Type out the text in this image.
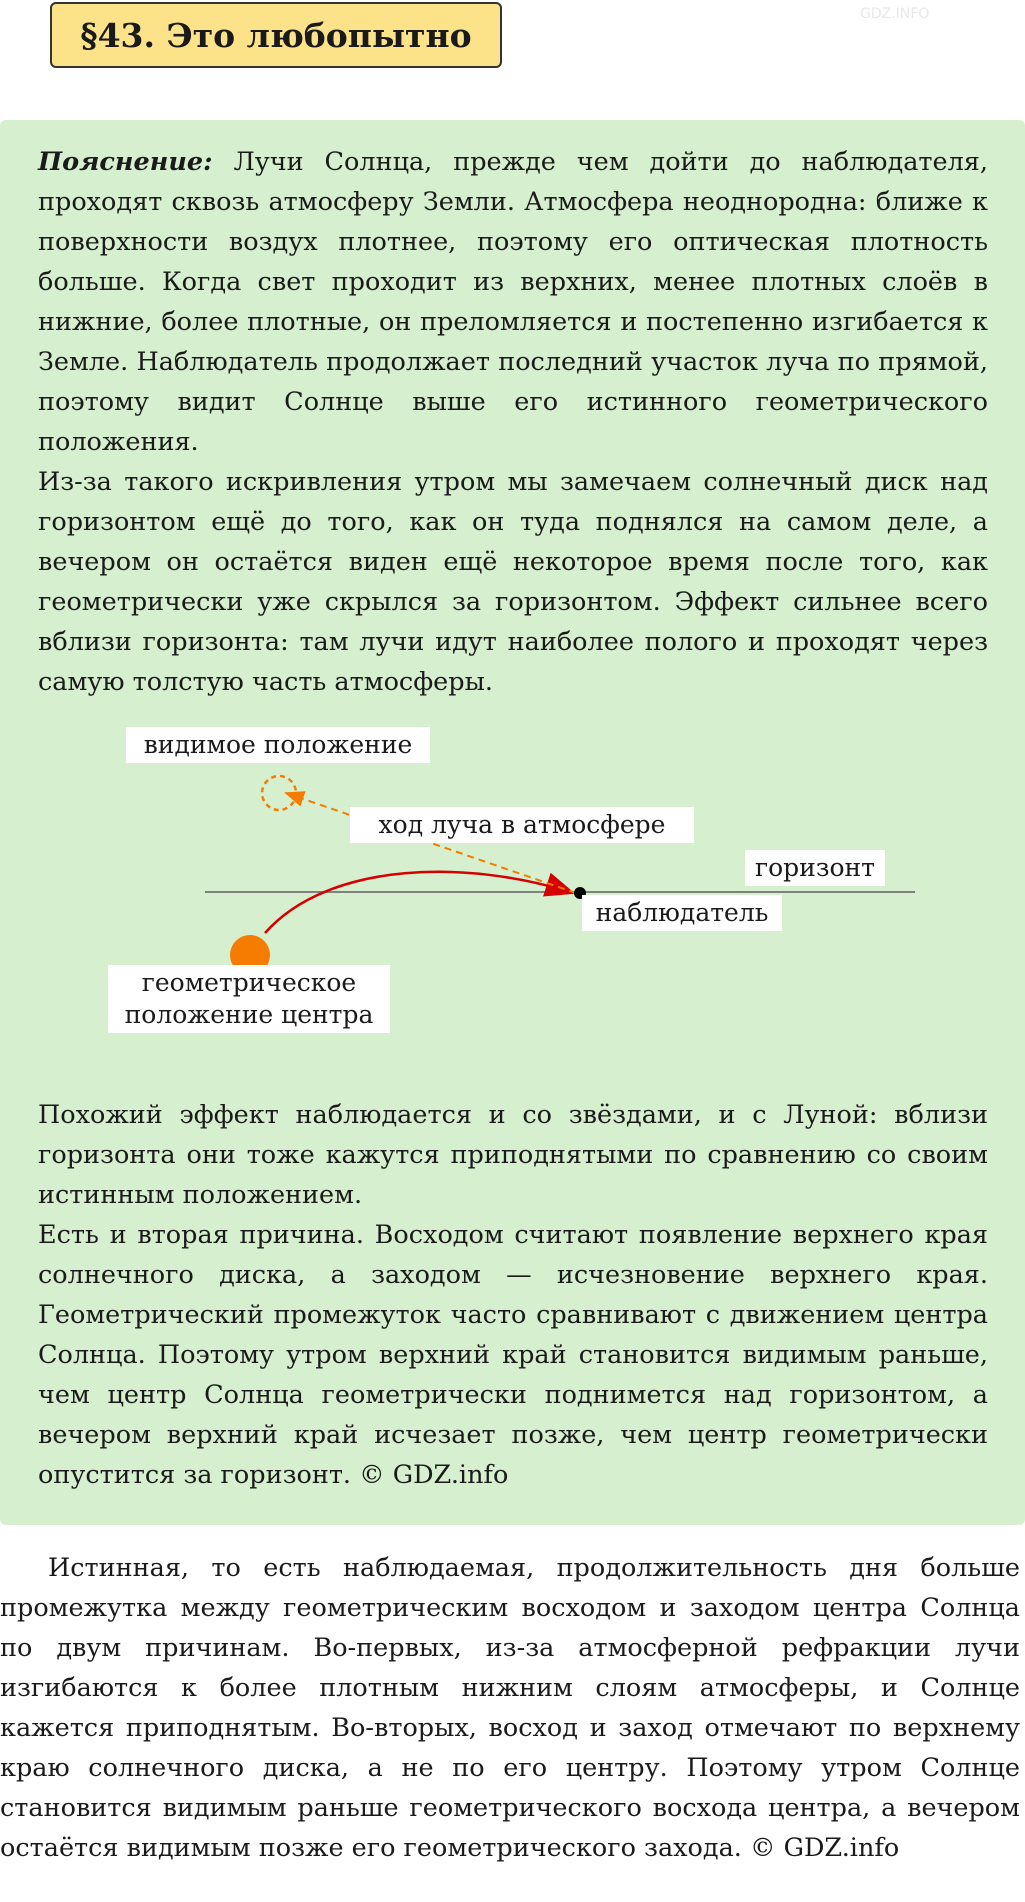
§43. Это любопытно

Пояснение: Лучи Солнца, прежде чем дойти до наблюдателя, проходят сквозь атмосферу Земли. Атмосфера неоднородна: ближе к поверхности воздух плотнее, поэтому его оптическая плотность больше. Когда свет проходит из верхних, менее плотных слоёв в нижние, более плотные, он преломляется и постепенно изгибается к Земле. Наблюдатель продолжает последний участок луча по прямой, поэтому видит Солнце выше его истинного геометрического положения.

Из-за такого искривления утром мы замечаем солнечный диск над горизонтом ещё до того, как он туда поднялся на самом деле, а вечером он остаётся виден ещё некоторое время после того, как геометрически уже скрылся за горизонтом. Эффект сильнее всего вблизи горизонта: там лучи идут наиболее полого и проходят через самую толстую часть атмосферы.

видимое положение
ход луча в атмосфере
горизонт
наблюдатель
геометрическое
положение центра

Похожий эффект наблюдается и со звёздами, и с Луной: вблизи горизонта они тоже кажутся приподнятыми по сравнению со своим истинным положением.

Есть и вторая причина. Восходом считают появление верхнего края солнечного диска, а заходом — исчезновение верхнего края. Геометрический промежуток часто сравнивают с движением центра Солнца. Поэтому утром верхний край становится видимым раньше, чем центр Солнца геометрически поднимется над горизонтом, а вечером верхний край исчезает позже, чем центр геометрически опустится за горизонт. © GDZ.info

Истинная, то есть наблюдаемая, продолжительность дня больше промежутка между геометрическим восходом и заходом центра Солнца по двум причинам. Во-первых, из-за атмосферной рефракции лучи изгибаются к более плотным нижним слоям атмосферы, и Солнце кажется приподнятым. Во-вторых, восход и заход отмечают по верхнему краю солнечного диска, а не по его центру. Поэтому утром Солнце становится видимым раньше геометрического восхода центра, а вечером остаётся видимым позже его геометрического захода. © GDZ.info

GDZ.INFO
